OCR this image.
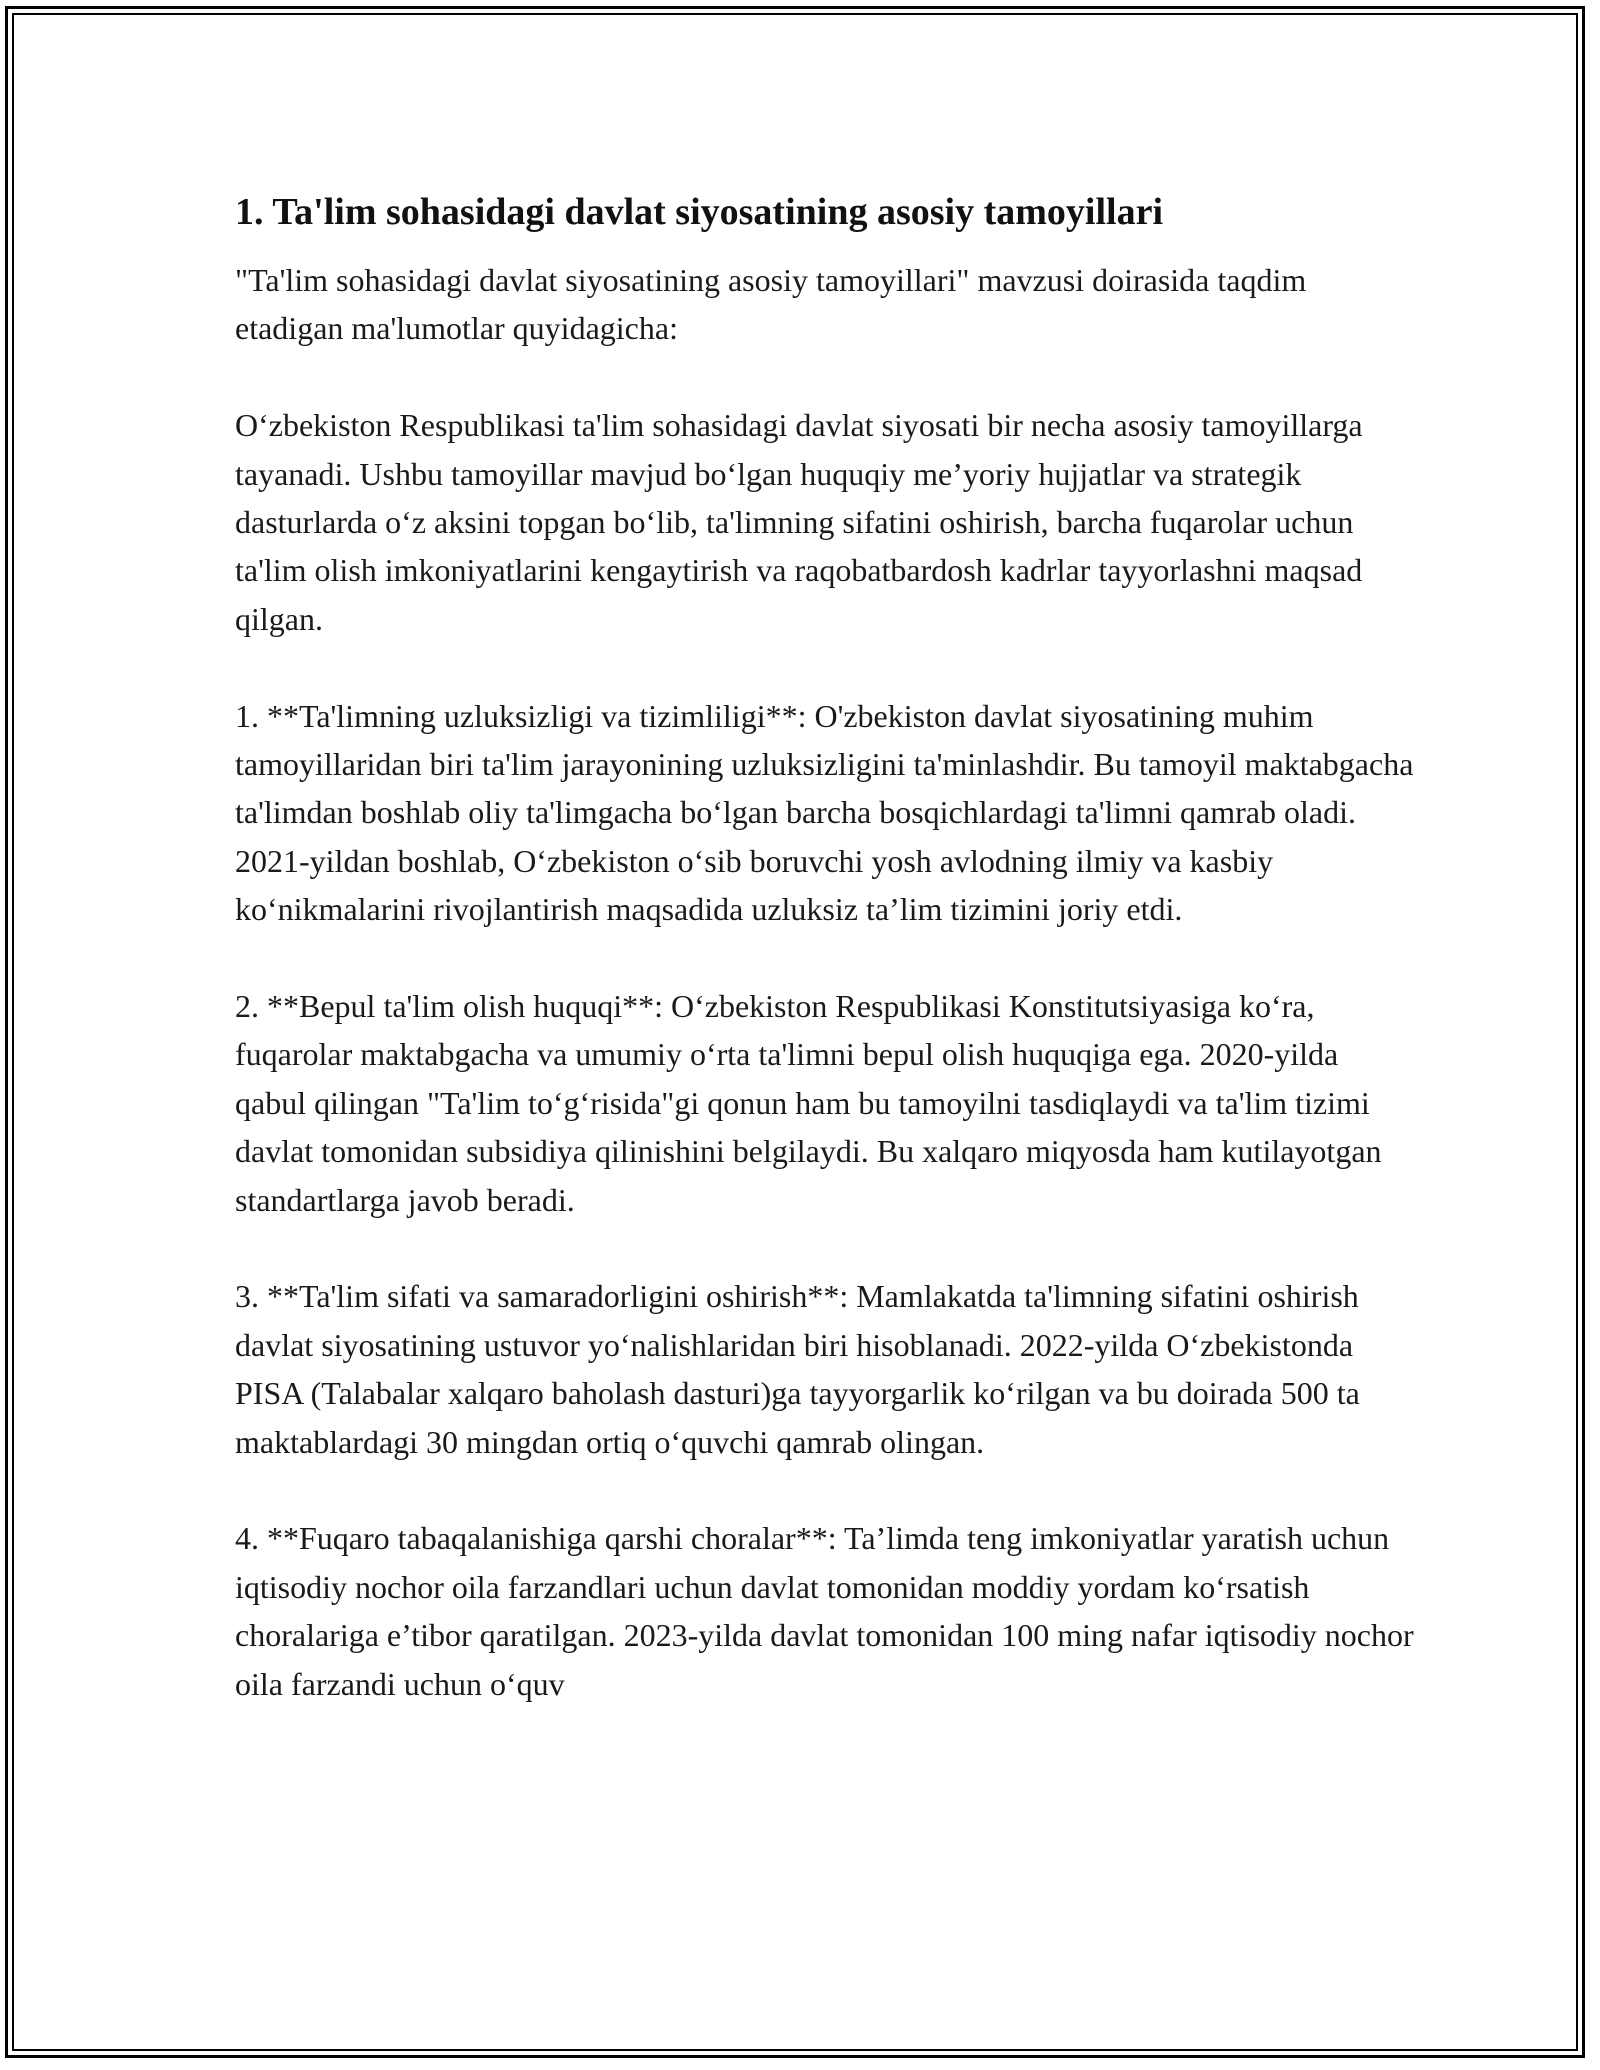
1. Ta'lim sohasidagi davlat siyosatining asosiy tamoyillari

"Ta'lim sohasidagi davlat siyosatining asosiy tamoyillari" mavzusi doirasida taqdim etadigan ma'lumotlar quyidagicha:

O‘zbekiston Respublikasi ta'lim sohasidagi davlat siyosati bir necha asosiy tamoyillarga tayanadi. Ushbu tamoyillar mavjud bo‘lgan huquqiy me’yoriy hujjatlar va strategik dasturlarda o‘z aksini topgan bo‘lib, ta'limning sifatini oshirish, barcha fuqarolar uchun ta'lim olish imkoniyatlarini kengaytirish va raqobatbardosh kadrlar tayyorlashni maqsad qilgan.

1. **Ta'limning uzluksizligi va tizimliligi**: O'zbekiston davlat siyosatining muhim tamoyillaridan biri ta'lim jarayonining uzluksizligini ta'minlashdir. Bu tamoyil maktabgacha ta'limdan boshlab oliy ta'limgacha bo‘lgan barcha bosqichlardagi ta'limni qamrab oladi. 2021-yildan boshlab, O‘zbekiston o‘sib boruvchi yosh avlodning ilmiy va kasbiy ko‘nikmalarini rivojlantirish maqsadida uzluksiz ta’lim tizimini joriy etdi.

2. **Bepul ta'lim olish huquqi**: O‘zbekiston Respublikasi Konstitutsiyasiga ko‘ra, fuqarolar maktabgacha va umumiy o‘rta ta'limni bepul olish huquqiga ega. 2020-yilda qabul qilingan "Ta'lim to‘g‘risida"gi qonun ham bu tamoyilni tasdiqlaydi va ta'lim tizimi davlat tomonidan subsidiya qilinishini belgilaydi. Bu xalqaro miqyosda ham kutilayotgan standartlarga javob beradi.

3. **Ta'lim sifati va samaradorligini oshirish**: Mamlakatda ta'limning sifatini oshirish davlat siyosatining ustuvor yo‘nalishlaridan biri hisoblanadi. 2022-yilda O‘zbekistonda PISA (Talabalar xalqaro baholash dasturi)ga tayyorgarlik ko‘rilgan va bu doirada 500 ta maktablardagi 30 mingdan ortiq o‘quvchi qamrab olingan.

4. **Fuqaro tabaqalanishiga qarshi choralar**: Ta’limda teng imkoniyatlar yaratish uchun iqtisodiy nochor oila farzandlari uchun davlat tomonidan moddiy yordam ko‘rsatish choralariga e’tibor qaratilgan. 2023-yilda davlat tomonidan 100 ming nafar iqtisodiy nochor oila farzandi uchun o‘quv
